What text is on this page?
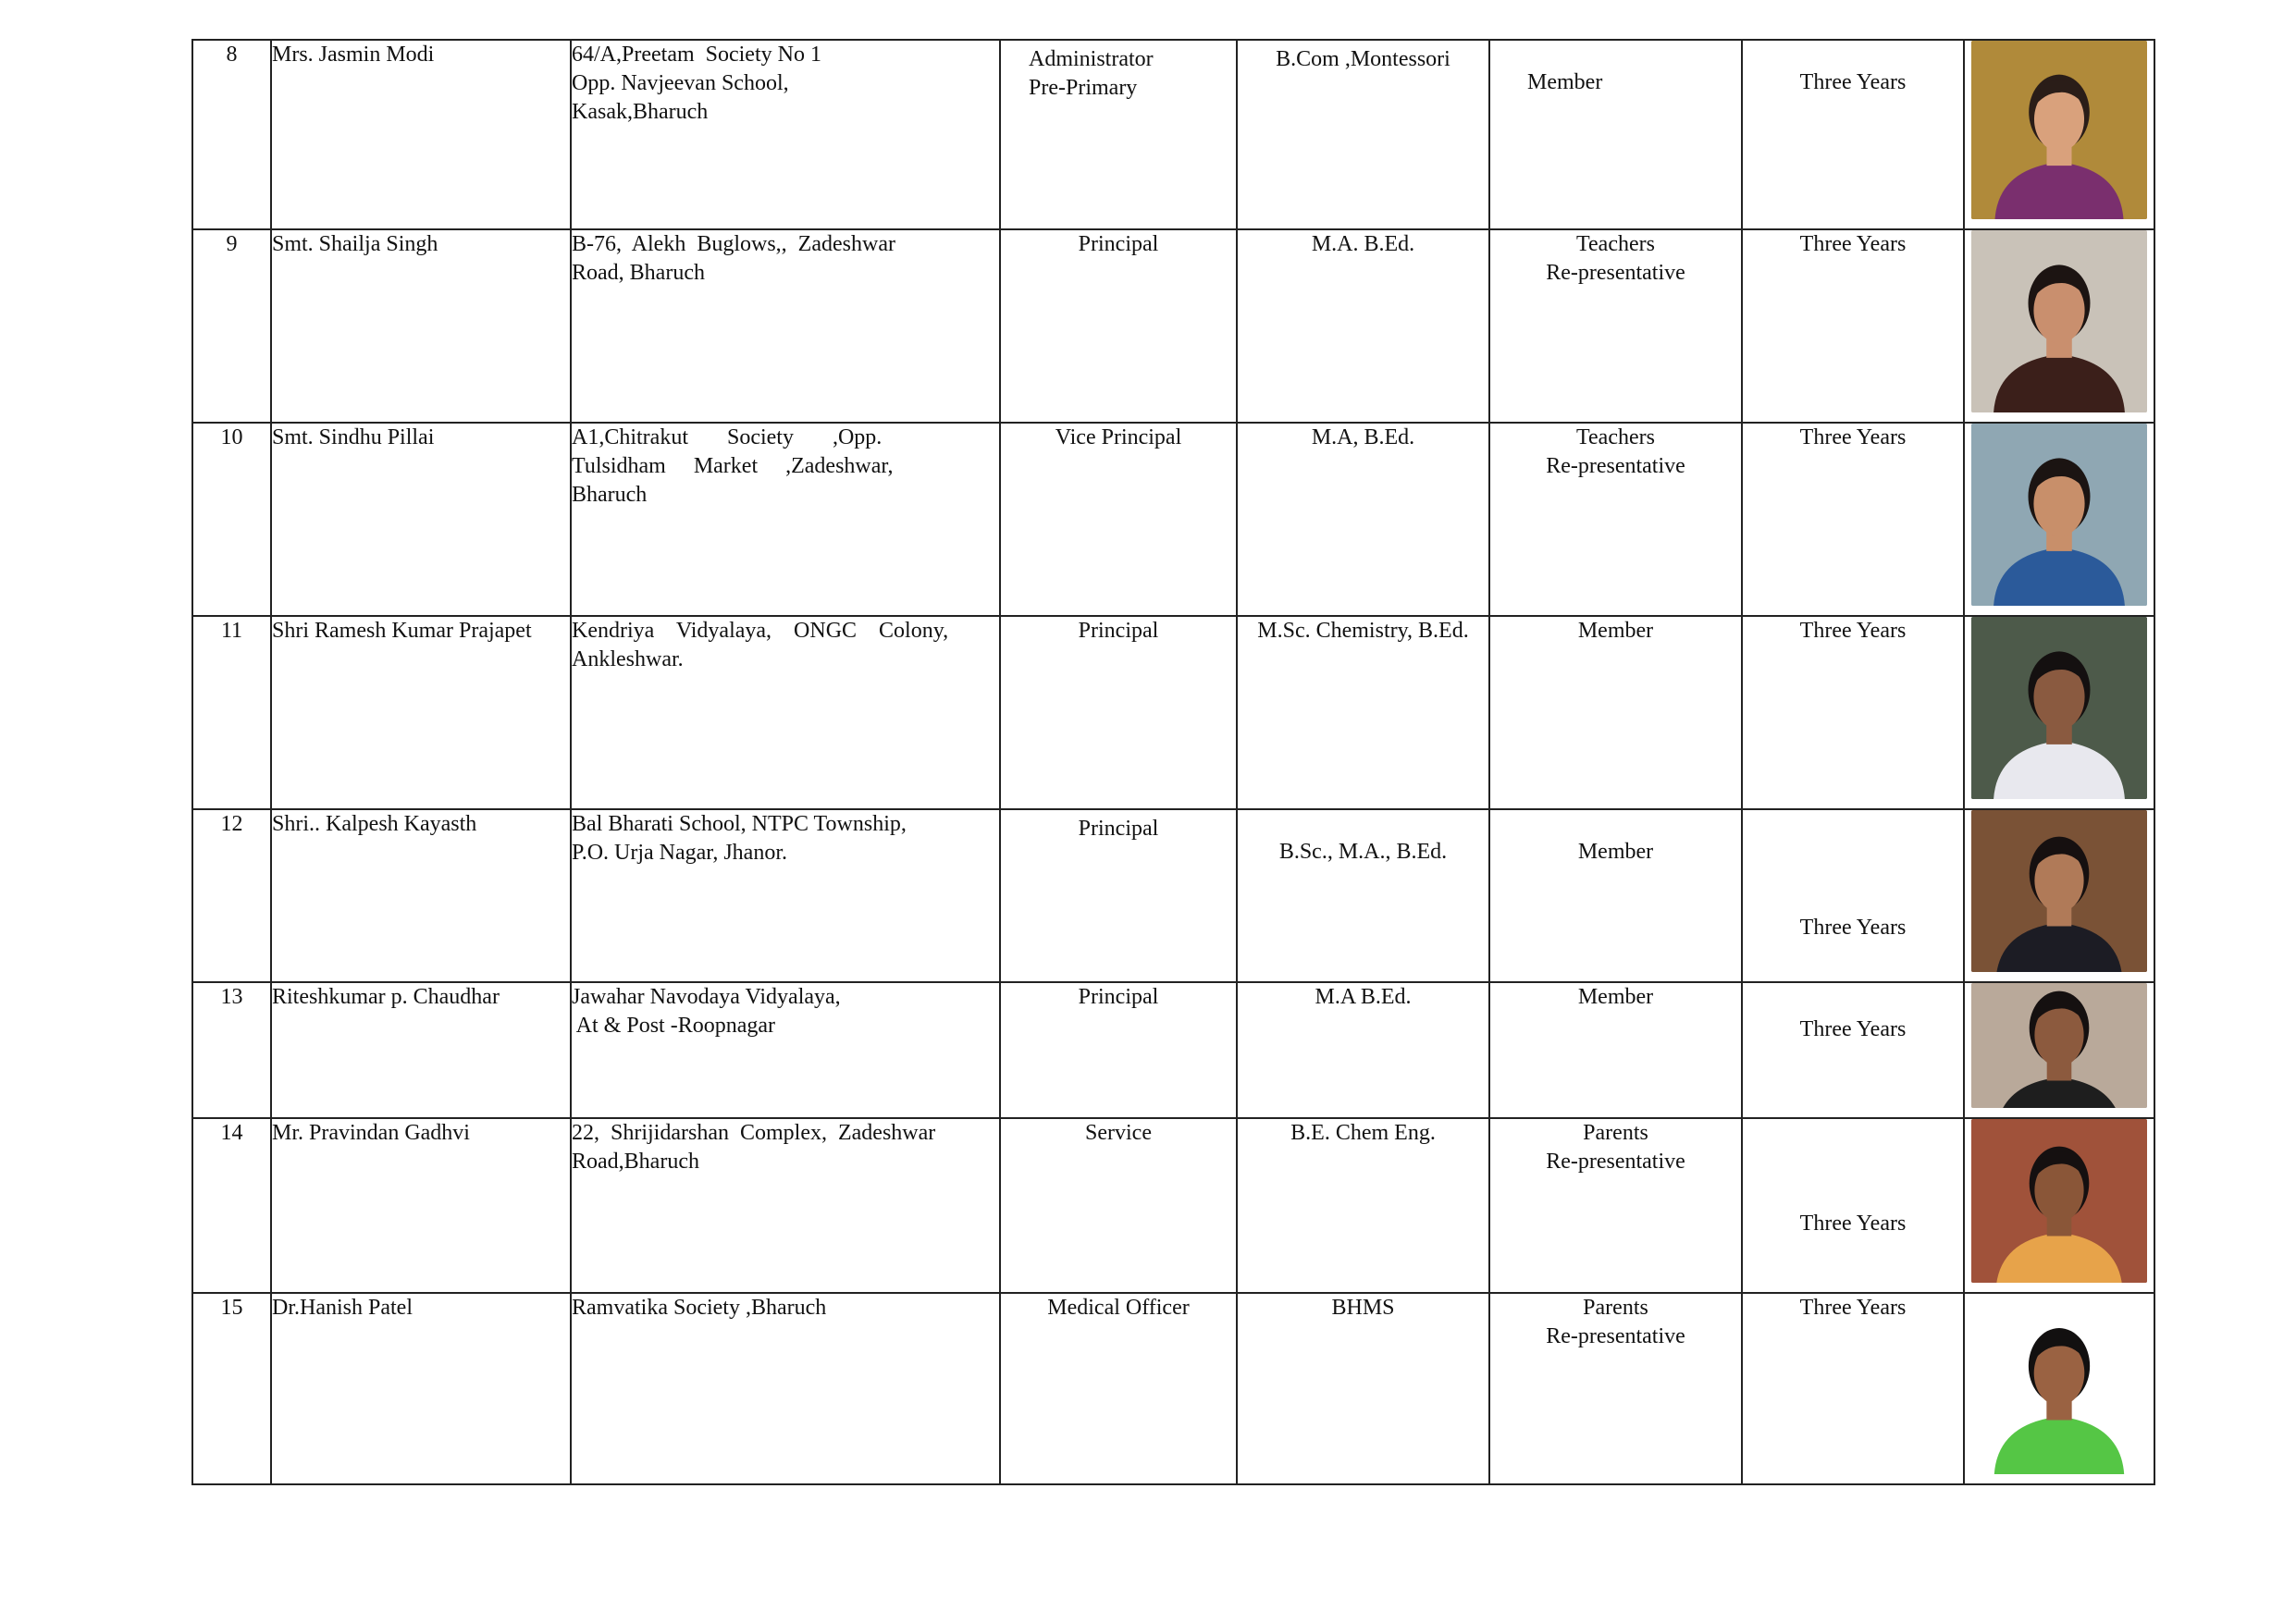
8	Mrs. Jasmin Modi	64/A,Preetam  Society No 1
Opp. Navjeevan School,
Kasak,Bharuch	Administrator
Pre-Primary	B.Com ,Montessori	Member	Three Years	

9	Smt. Shailja Singh	B-76,  Alekh  Buglows,,  Zadeshwar
Road, Bharuch	Principal	M.A. B.Ed.	Teachers
Re-presentative	Three Years	

10	Smt. Sindhu Pillai	A1,Chitrakut       Society       ,Opp.
Tulsidham     Market     ,Zadeshwar,
Bharuch	Vice Principal	M.A, B.Ed.	Teachers
Re-presentative	Three Years	

11	Shri Ramesh Kumar Prajapet	Kendriya    Vidyalaya,    ONGC    Colony,
Ankleshwar.	Principal	M.Sc. Chemistry, B.Ed.	Member	Three Years	

12	Shri.. Kalpesh Kayasth	Bal Bharati School, NTPC Township,
P.O. Urja Nagar, Jhanor.	Principal	B.Sc., M.A., B.Ed.	Member	Three Years	

13	Riteshkumar p. Chaudhar	Jawahar Navodaya Vidyalaya,
At & Post -Roopnagar	Principal	M.A B.Ed.	Member	Three Years	

14	Mr. Pravindan Gadhvi	22,  Shrijidarshan  Complex,  Zadeshwar
Road,Bharuch	Service	B.E. Chem Eng.	Parents
Re-presentative	Three Years	

15	Dr.Hanish Patel	Ramvatika Society ,Bharuch	Medical Officer	BHMS	Parents
Re-presentative	Three Years	
